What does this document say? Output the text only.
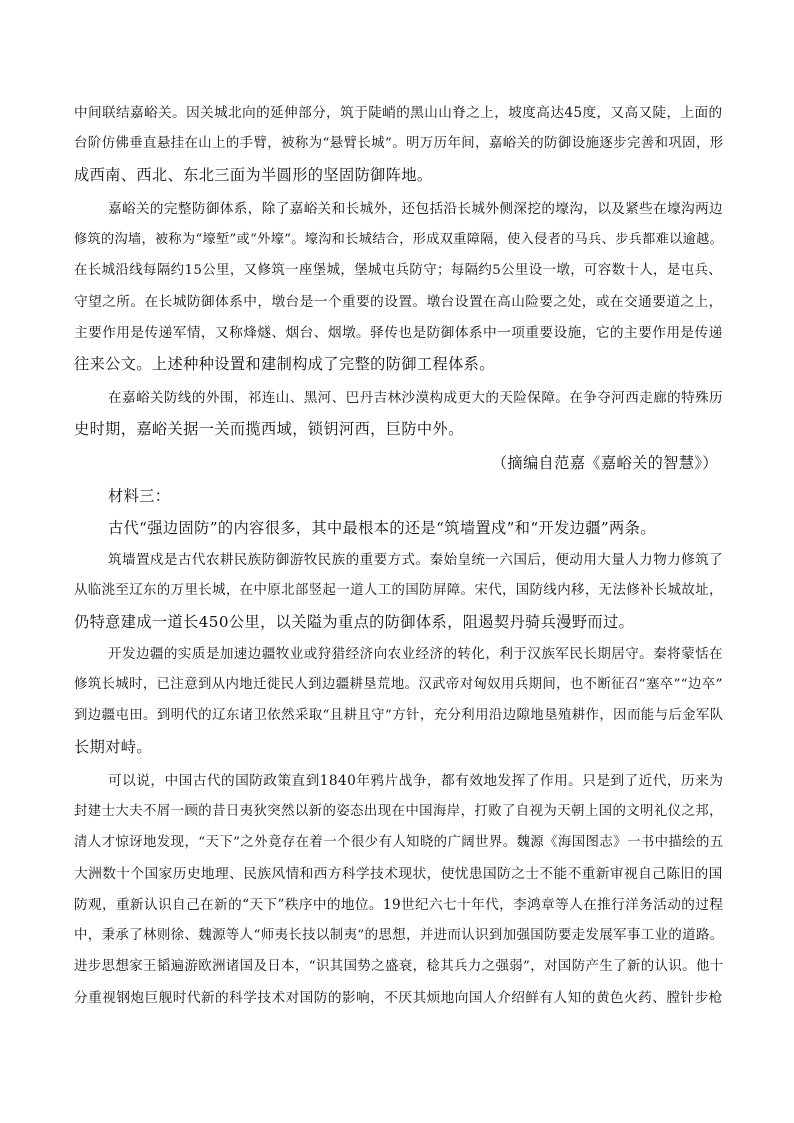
中间联结嘉峪关。因关城北向的延伸部分，筑于陡峭的黑山山脊之上，坡度高达45度，又高又陡，上面的
台阶仿佛垂直悬挂在山上的手臂，被称为“悬臂长城”。明万历年间，嘉峪关的防御设施逐步完善和巩固，形
成西南、西北、东北三面为半圆形的坚固防御阵地。
嘉峪关的完整防御体系，除了嘉峪关和长城外，还包括沿长城外侧深挖的壕沟，以及紧些在壕沟两边
修筑的沟墙，被称为“壕堑”或“外壕”。壕沟和长城结合，形成双重障隔，使入侵者的马兵、步兵都难以逾越。
在长城沿线每隔约15公里，又修筑一座堡城，堡城屯兵防守；每隔约5公里设一墩，可容数十人，是屯兵、
守望之所。在长城防御体系中，墩台是一个重要的设置。墩台设置在高山险要之处，或在交通要道之上，
主要作用是传递军情，又称烽燧、烟台、烟墩。驿传也是防御体系中一项重要设施，它的主要作用是传递
往来公文。上述种种设置和建制构成了完整的防御工程体系。
在嘉峪关防线的外围，祁连山、黑河、巴丹吉林沙漠构成更大的天险保障。在争夺河西走廊的特殊历
史时期，嘉峪关据一关而揽西域，锁钥河西，巨防中外。
（摘编自范嘉《嘉峪关的智慧》）
材料三：
古代“强边固防”的内容很多，其中最根本的还是“筑墙置戍”和“开发边疆”两条。
筑墙置戍是古代农耕民族防御游牧民族的重要方式。秦始皇统一六国后，便动用大量人力物力修筑了
从临洮至辽东的万里长城，在中原北部竖起一道人工的国防屏障。宋代，国防线内移，无法修补长城故址，
仍特意建成一道长450公里，以关隘为重点的防御体系，阻遏契丹骑兵漫野而过。
开发边疆的实质是加速边疆牧业或狩猎经济向农业经济的转化，利于汉族军民长期居守。秦将蒙恬在
修筑长城时，已注意到从内地迁徙民人到边疆耕垦荒地。汉武帝对匈奴用兵期间，也不断征召“塞卒”“边卒”
到边疆屯田。到明代的辽东诸卫依然采取“且耕且守”方针，充分利用沿边隙地垦殖耕作，因而能与后金军队
长期对峙。
可以说，中国古代的国防政策直到1840年鸦片战争，都有效地发挥了作用。只是到了近代，历来为
封建士大夫不屑一顾的昔日夷狄突然以新的姿态出现在中国海岸，打败了自视为天朝上国的文明礼仪之邦，
清人才惊讶地发现，“天下”之外竟存在着一个很少有人知晓的广阔世界。魏源《海国图志》一书中描绘的五
大洲数十个国家历史地理、民族风情和西方科学技术现状，使忧患国防之士不能不重新审视自己陈旧的国
防观，重新认识自己在新的“天下”秩序中的地位。19世纪六七十年代，李鸿章等人在推行洋务活动的过程
中，秉承了林则徐、魏源等人“师夷长技以制夷”的思想，并进而认识到加强国防要走发展军事工业的道路。
进步思想家王韬遍游欧洲诸国及日本，“识其国势之盛衰，稔其兵力之强弱”，对国防产生了新的认识。他十
分重视钢炮巨舰时代新的科学技术对国防的影响，不厌其烦地向国人介绍鲜有人知的黄色火药、膛针步枪
